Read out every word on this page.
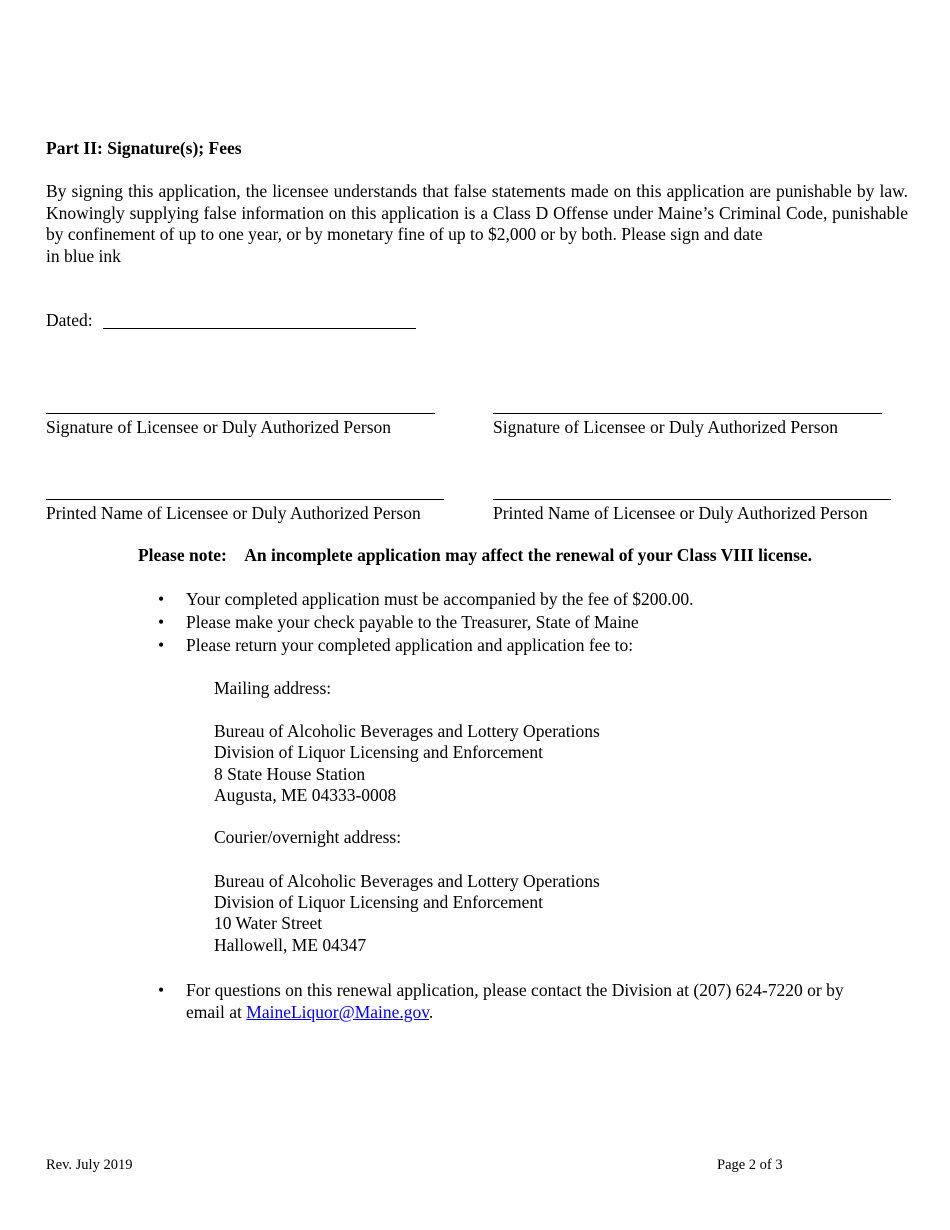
Part II: Signature(s); Fees
By signing this application, the licensee understands that false statements made on this application are punishable by law. Knowingly supplying false information on this application is a Class D Offense under Maine’s Criminal Code, punishable by confinement of up to one year, or by monetary fine of up to $2,000 or by both. Please sign and date
in blue ink
Dated:
Signature of Licensee or Duly Authorized Person	Signature of Licensee or Duly Authorized Person
Printed Name of Licensee or Duly Authorized Person	Printed Name of Licensee or Duly Authorized Person
Please note: An incomplete application may affect the renewal of your Class VIII license.
• Your completed application must be accompanied by the fee of $200.00.
• Please make your check payable to the Treasurer, State of Maine
• Please return your completed application and application fee to:
Mailing address:
Bureau of Alcoholic Beverages and Lottery Operations
Division of Liquor Licensing and Enforcement
8 State House Station
Augusta, ME 04333-0008
Courier/overnight address:
Bureau of Alcoholic Beverages and Lottery Operations
Division of Liquor Licensing and Enforcement
10 Water Street
Hallowell, ME 04347
• For questions on this renewal application, please contact the Division at (207) 624-7220 or by
email at MaineLiquor@Maine.gov.
Rev. July 2019	Page 2 of 3
